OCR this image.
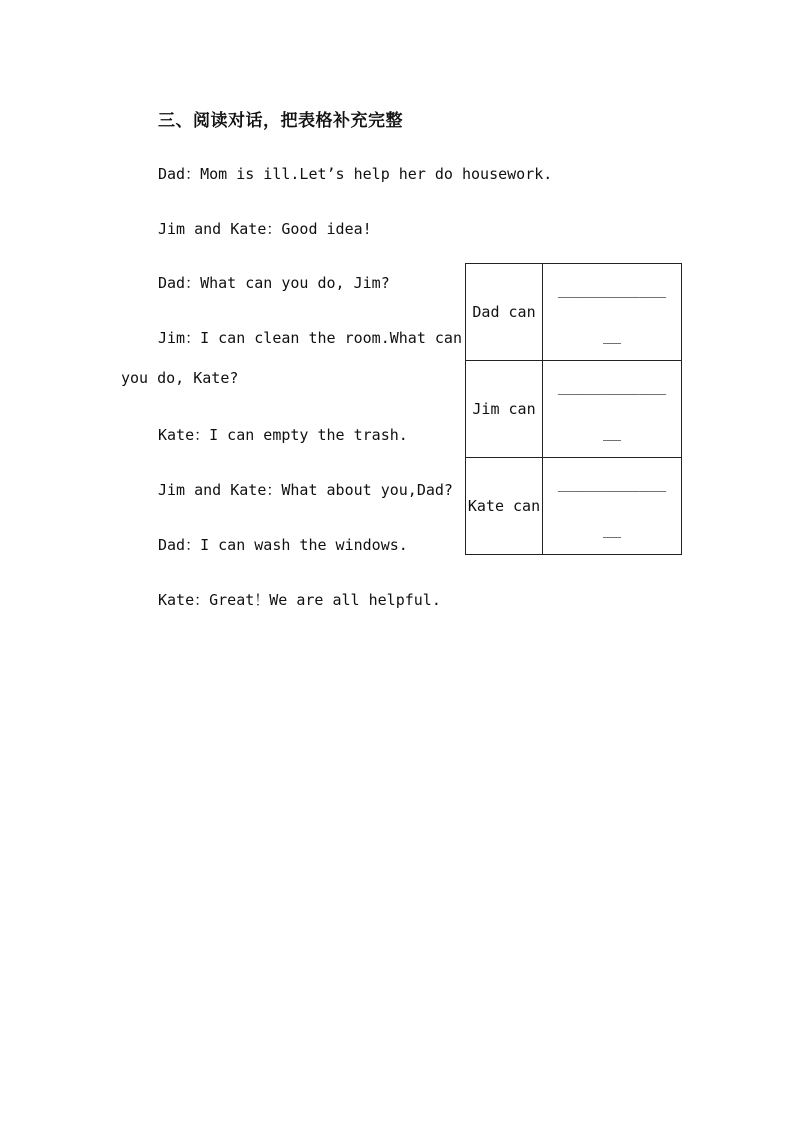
三、阅读对话，把表格补充完整
Dad：Mom is ill.Let’s help her do housework.
Jim and Kate：Good idea!
Dad：What can you do, Jim?
Jim：I can clean the room.What can
you do, Kate?
Kate：I can empty the trash.
Jim and Kate：What about you,Dad?
Dad：I can wash the windows.
Kate：Great！We are all helpful.
Dad can	____________
__

Jim can	____________
__

Kate can	____________
__
